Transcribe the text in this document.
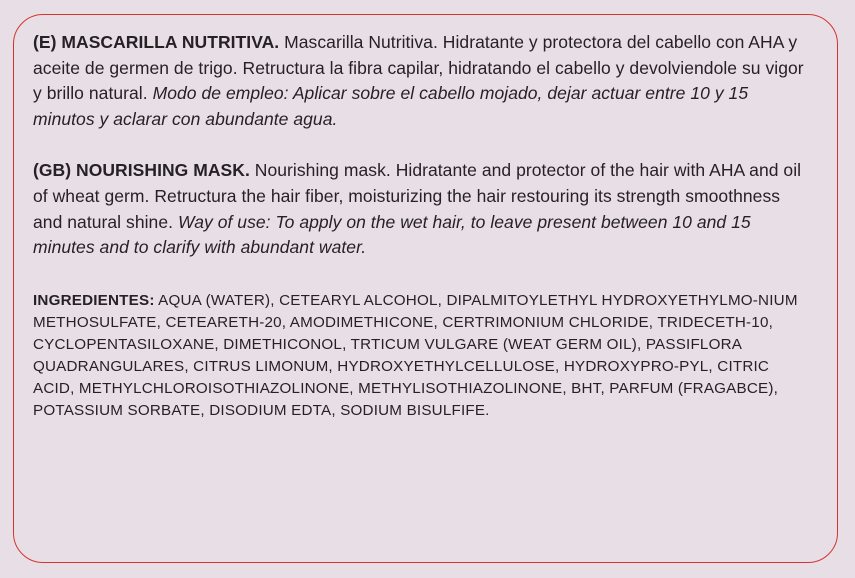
(E) MASCARILLA NUTRITIVA. Mascarilla Nutritiva. Hidratante y protectora del cabello con AHA y aceite de germen de trigo. Retructura la fibra capilar, hidratando el cabello y devolviendole su vigor y brillo natural. Modo de empleo: Aplicar sobre el cabello mojado, dejar actuar entre 10 y 15 minutos y aclarar con abundante agua.

(GB) NOURISHING MASK. Nourishing mask. Hidratante and protector of the hair with AHA and oil of wheat germ. Retructura the hair fiber, moisturizing the hair restouring its strength smoothness and natural shine. Way of use: To apply on the wet hair, to leave present between 10 and 15 minutes and to clarify with abundant water.

INGREDIENTES: AQUA (WATER), CETEARYL ALCOHOL, DIPALMITOYLETHYL HYDROXYETHYLMO-NIUM METHOSULFATE, CETEARETH-20, AMODIMETHICONE, CERTRIMONIUM CHLORIDE, TRIDECETH-10, CYCLOPENTASILOXANE, DIMETHICONOL, TRTICUM VULGARE (WEAT GERM OIL), PASSIFLORA QUADRANGULARES, CITRUS LIMONUM, HYDROXYETHYLCELLULOSE, HYDROXYPRO-PYL, CITRIC ACID, METHYLCHLOROISOTHIAZOLINONE, METHYLISOTHIAZOLINONE, BHT, PARFUM (FRAGABCE), POTASSIUM SORBATE, DISODIUM EDTA, SODIUM BISULFIFE.
